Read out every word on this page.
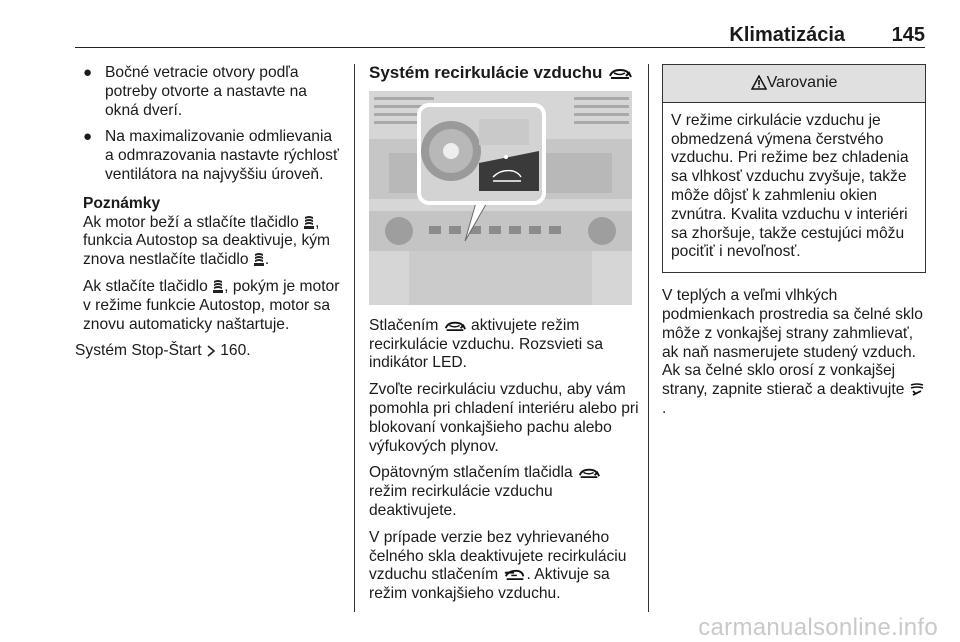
Klimatizácia 145
● Bočné vetracie otvory podľa potreby otvorte a nastavte na okná dverí.
● Na maximalizovanie odmlievania a odmrazovania nastavte rýchlosť ventilátora na najvyššiu úroveň.
Poznámky

Ak motor beží a stlačíte tlačidlo , funkcia Autostop sa deaktivuje, kým znova nestlačíte tlačidlo .

Ak stlačíte tlačidlo , pokým je motor v režime funkcie Autostop, motor sa znovu automaticky naštartuje.

Systém Stop-Štart 160.

Systém recirkulácie vzduchu

Stlačením aktivujete režim recirkulácie vzduchu. Rozsvieti sa indikátor LED.

Zvoľte recirkuláciu vzduchu, aby vám pomohla pri chladení interiéru alebo pri blokovaní vonkajšieho pachu alebo výfukových plynov.

Opätovným stlačením tlačidla  režim recirkulácie vzduchu deaktivujete.

V prípade verzie bez vyhrievaného čelného skla deaktivujete recirkuláciu vzduchu stlačením . Aktivuje sa režim vonkajšieho vzduchu.

Varovanie
V režime cirkulácie vzduchu je obmedzená výmena čerstvého vzduchu. Pri režime bez chladenia sa vlhkosť vzduchu zvyšuje, takže môže dôjsť k zahmleniu okien zvnútra. Kvalita vzduchu v interiéri sa zhoršuje, takže cestujúci môžu pociťiť i nevoľnosť.

V teplých a veľmi vlhkých podmienkach prostredia sa čelné sklo môže z vonkajšej strany zahmlievať, ak naň nasmerujete studený vzduch. Ak sa čelné sklo orosí z vonkajšej strany, zapnite stierač a deaktivujte .

carmanualsonline.info
